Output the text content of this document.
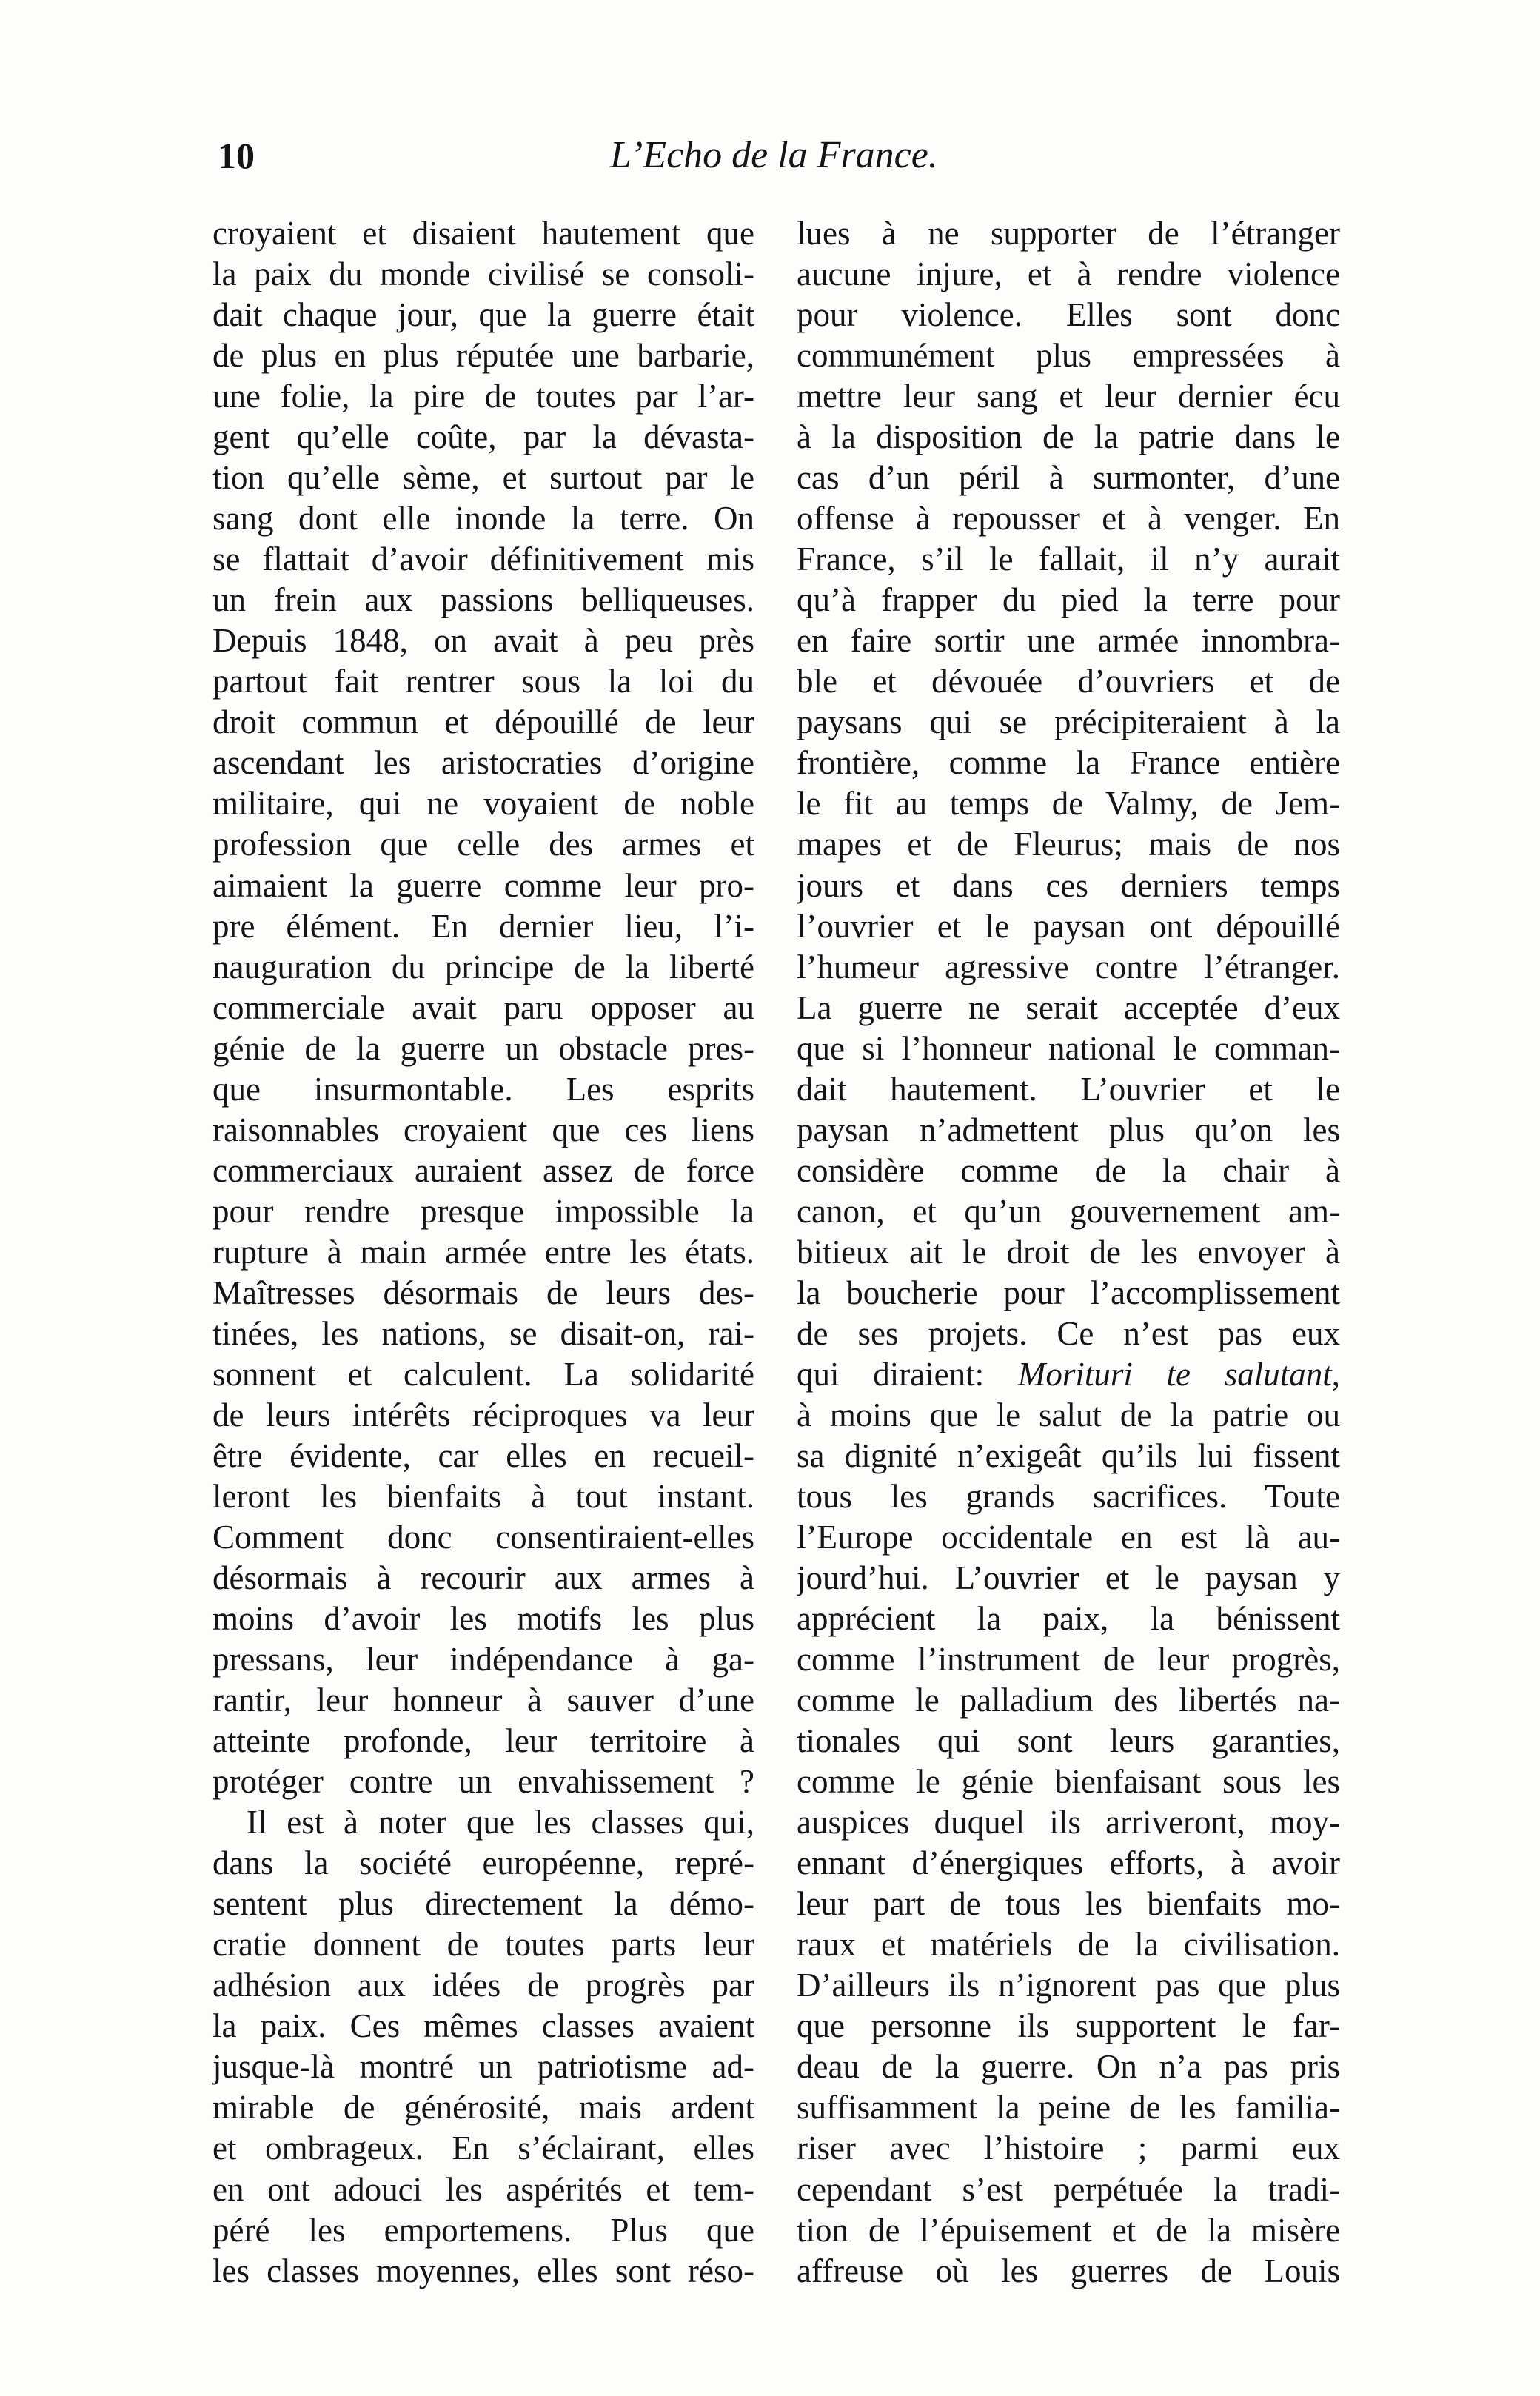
10	L’Echo de la France.
croyaient et disaient hautement que
la paix du monde civilisé se consoli-
dait chaque jour, que la guerre était
de plus en plus réputée une barbarie,
une folie, la pire de toutes par l’ar-
gent qu’elle coûte, par la dévasta-
tion qu’elle sème, et surtout par le
sang dont elle inonde la terre. On
se flattait d’avoir définitivement mis
un frein aux passions belliqueuses.
Depuis 1848, on avait à peu près
partout fait rentrer sous la loi du
droit commun et dépouillé de leur
ascendant les aristocraties d’origine
militaire, qui ne voyaient de noble
profession que celle des armes et
aimaient la guerre comme leur pro-
pre élément. En dernier lieu, l’i-
nauguration du principe de la liberté
commerciale avait paru opposer au
génie de la guerre un obstacle pres-
que insurmontable. Les esprits
raisonnables croyaient que ces liens
commerciaux auraient assez de force
pour rendre presque impossible la
rupture à main armée entre les états.
Maîtresses désormais de leurs des-
tinées, les nations, se disait-on, rai-
sonnent et calculent. La solidarité
de leurs intérêts réciproques va leur
être évidente, car elles en recueil-
leront les bienfaits à tout instant.
Comment donc consentiraient-elles
désormais à recourir aux armes à
moins d’avoir les motifs les plus
pressans, leur indépendance à ga-
rantir, leur honneur à sauver d’une
atteinte profonde, leur territoire à
protéger contre un envahissement ?
Il est à noter que les classes qui,
dans la société européenne, repré-
sentent plus directement la démo-
cratie donnent de toutes parts leur
adhésion aux idées de progrès par
la paix. Ces mêmes classes avaient
jusque-là montré un patriotisme ad-
mirable de générosité, mais ardent
et ombrageux. En s’éclairant, elles
en ont adouci les aspérités et tem-
péré les emportemens. Plus que
les classes moyennes, elles sont réso-
lues à ne supporter de l’étranger
aucune injure, et à rendre violence
pour violence. Elles sont donc
communément plus empressées à
mettre leur sang et leur dernier écu
à la disposition de la patrie dans le
cas d’un péril à surmonter, d’une
offense à repousser et à venger. En
France, s’il le fallait, il n’y aurait
qu’à frapper du pied la terre pour
en faire sortir une armée innombra-
ble et dévouée d’ouvriers et de
paysans qui se précipiteraient à la
frontière, comme la France entière
le fit au temps de Valmy, de Jem-
mapes et de Fleurus; mais de nos
jours et dans ces derniers temps
l’ouvrier et le paysan ont dépouillé
l’humeur agressive contre l’étranger.
La guerre ne serait acceptée d’eux
que si l’honneur national le comman-
dait hautement. L’ouvrier et le
paysan n’admettent plus qu’on les
considère comme de la chair à
canon, et qu’un gouvernement am-
bitieux ait le droit de les envoyer à
la boucherie pour l’accomplissement
de ses projets. Ce n’est pas eux
qui diraient: Morituri te salutant,
à moins que le salut de la patrie ou
sa dignité n’exigeât qu’ils lui fissent
tous les grands sacrifices. Toute
l’Europe occidentale en est là au-
jourd’hui. L’ouvrier et le paysan y
apprécient la paix, la bénissent
comme l’instrument de leur progrès,
comme le palladium des libertés na-
tionales qui sont leurs garanties,
comme le génie bienfaisant sous les
auspices duquel ils arriveront, moy-
ennant d’énergiques efforts, à avoir
leur part de tous les bienfaits mo-
raux et matériels de la civilisation.
D’ailleurs ils n’ignorent pas que plus
que personne ils supportent le far-
deau de la guerre. On n’a pas pris
suffisamment la peine de les familia-
riser avec l’histoire ; parmi eux
cependant s’est perpétuée la tradi-
tion de l’épuisement et de la misère
affreuse où les guerres de Louis
